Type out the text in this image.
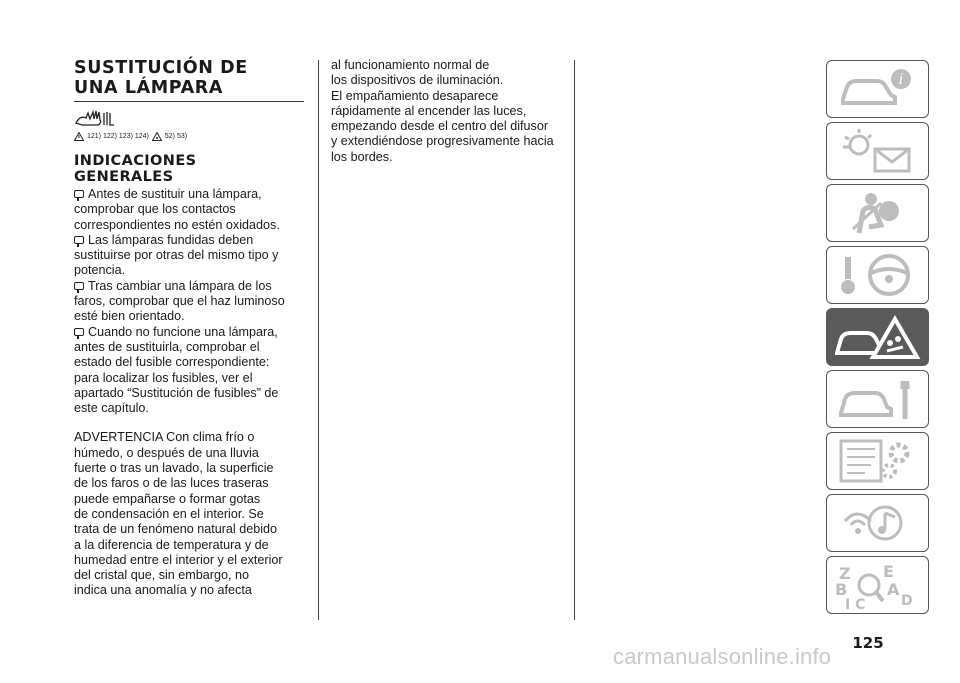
SUSTITUCIÓN DE
UNA LÁMPARA
121) 122) 123) 124) 52) 53)
INDICACIONES
GENERALES
Antes de sustituir una lámpara,
comprobar que los contactos
correspondientes no estén oxidados.
Las lámparas fundidas deben
sustituirse por otras del mismo tipo y
potencia.
Tras cambiar una lámpara de los
faros, comprobar que el haz luminoso
esté bien orientado.
Cuando no funcione una lámpara,
antes de sustituirla, comprobar el
estado del fusible correspondiente:
para localizar los fusibles, ver el
apartado “Sustitución de fusibles” de
este capítulo.
ADVERTENCIA Con clima frío o
húmedo, o después de una lluvia
fuerte o tras un lavado, la superficie
de los faros o de las luces traseras
puede empañarse o formar gotas
de condensación en el interior. Se
trata de un fenómeno natural debido
a la diferencia de temperatura y de
humedad entre el interior y el exterior
del cristal que, sin embargo, no
indica una anomalía y no afecta
al funcionamiento normal de
los dispositivos de iluminación.
El empañamiento desaparece
rápidamente al encender las luces,
empezando desde el centro del difusor
y extendiéndose progresivamente hacia
los bordes.
i
Z E
B A
I C	D
125
carmanualsonline.info
